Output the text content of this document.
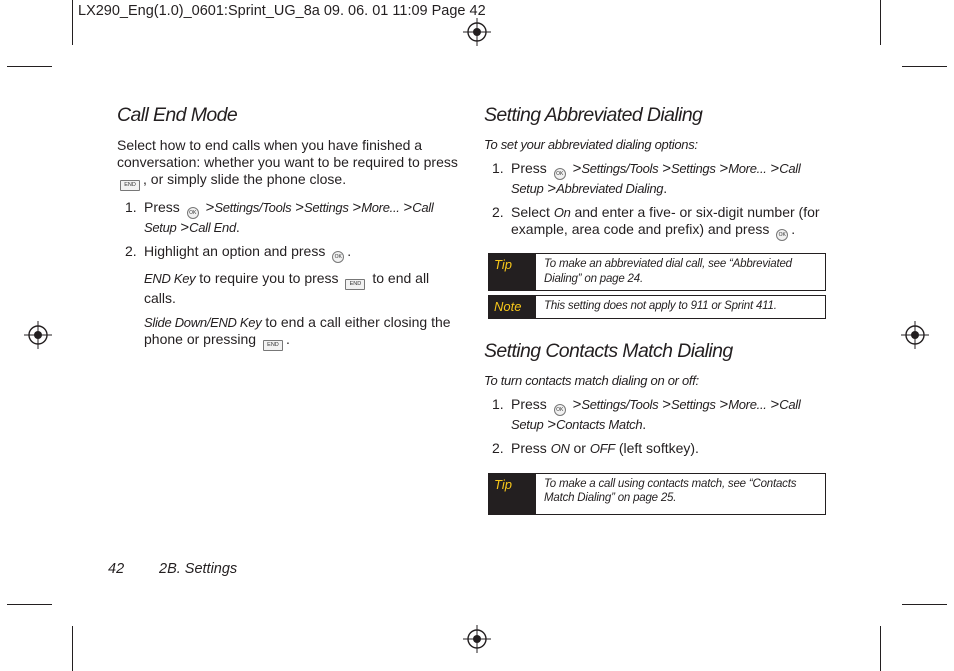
LX290_Eng(1.0)_0601:Sprint_UG_8a 09. 06. 01 11:09 Page 42
Call End Mode

Select how to end calls when you have finished a conversation: whether you want to be required to press END , or simply slide the phone close.

1. Press OK >Settings/Tools >Settings >More... >Call Setup >Call End.
2. Highlight an option and press OK .
END Key to require you to press END to end all calls.
Slide Down/END Key to end a call either closing the phone or pressing END .
Setting Abbreviated Dialing

To set your abbreviated dialing options:

1. Press OK >Settings/Tools >Settings >More... >Call Setup >Abbreviated Dialing.
2. Select On and enter a five- or six-digit number (for example, area code and prefix) and press OK .
Tip	To make an abbreviated dial call, see “Abbreviated Dialing” on page 24.
Note	This setting does not apply to 911 or Sprint 411.
Setting Contacts Match Dialing

To turn contacts match dialing on or off:

1. Press OK >Settings/Tools >Settings >More... >Call Setup >Contacts Match.
2. Press ON or OFF (left softkey).
Tip	To make a call using contacts match, see “Contacts Match Dialing” on page 25.
42 2B. Settings
